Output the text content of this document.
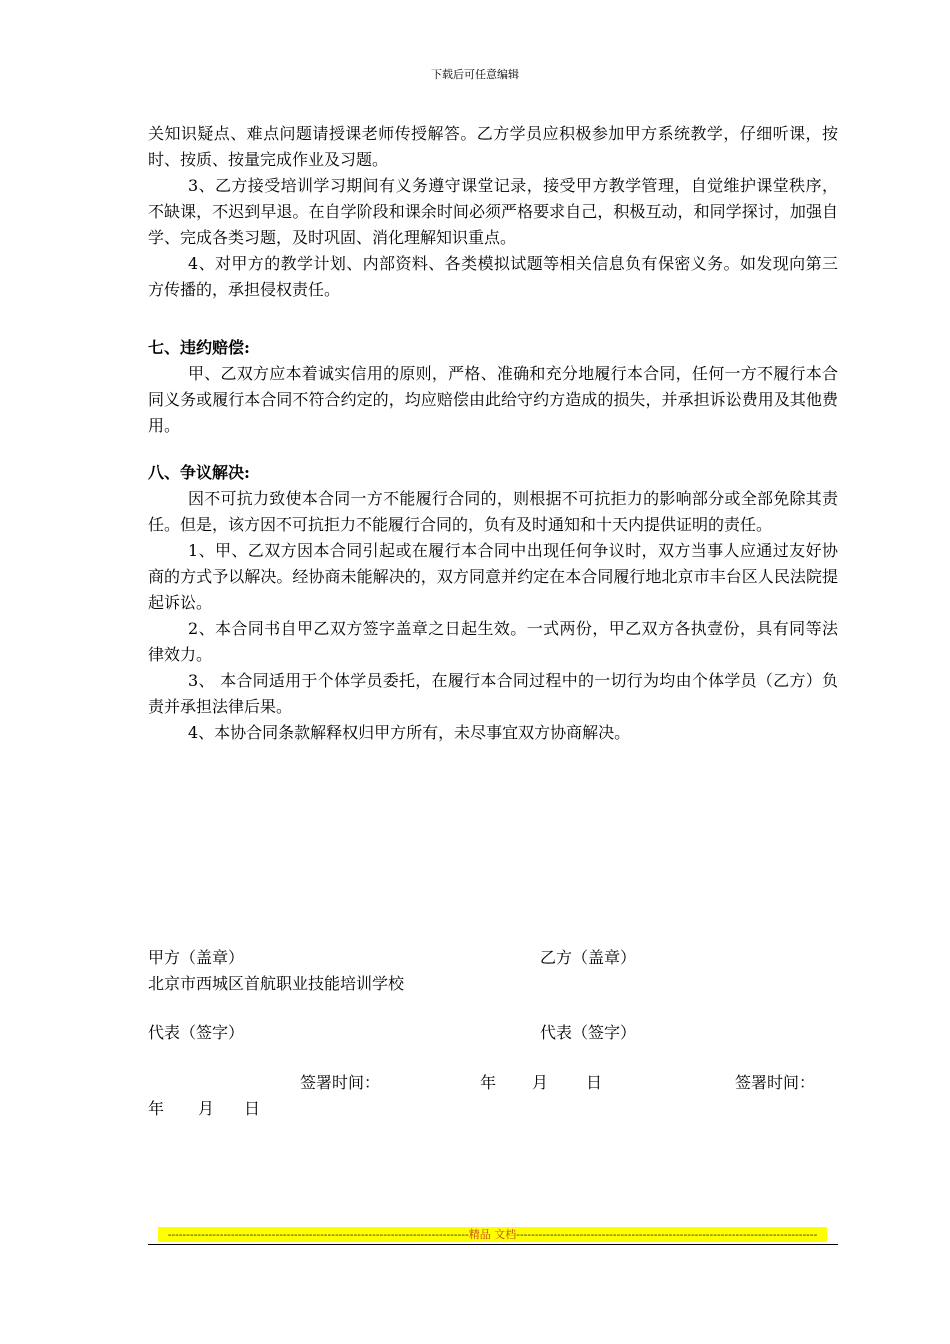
下载后可任意编辑

关知识疑点、难点问题请授课老师传授解答。乙方学员应积极参加甲方系统教学，仔细听课，按时、按质、按量完成作业及习题。

3、乙方接受培训学习期间有义务遵守课堂记录，接受甲方教学管理，自觉维护课堂秩序，不缺课，不迟到早退。在自学阶段和课余时间必须严格要求自己，积极互动，和同学探讨，加强自学、完成各类习题，及时巩固、消化理解知识重点。

4、对甲方的教学计划、内部资料、各类模拟试题等相关信息负有保密义务。如发现向第三方传播的，承担侵权责任。

七、违约赔偿:

甲、乙双方应本着诚实信用的原则，严格、准确和充分地履行本合同，任何一方不履行本合同义务或履行本合同不符合约定的，均应赔偿由此给守约方造成的损失，并承担诉讼费用及其他费用。

八、争议解决:

因不可抗力致使本合同一方不能履行合同的，则根据不可抗拒力的影响部分或全部免除其责任。但是，该方因不可抗拒力不能履行合同的，负有及时通知和十天内提供证明的责任。

1、甲、乙双方因本合同引起或在履行本合同中出现任何争议时，双方当事人应通过友好协商的方式予以解决。经协商未能解决的，双方同意并约定在本合同履行地北京市丰台区人民法院提起诉讼。

2、本合同书自甲乙双方签字盖章之日起生效。一式两份，甲乙双方各执壹份，具有同等法律效力。

3、 本合同适用于个体学员委托，在履行本合同过程中的一切行为均由个体学员（乙方）负责并承担法律后果。

4、本协合同条款解释权归甲方所有，未尽事宜双方协商解决。

甲方（盖章）	乙方（盖章）
北京市西城区首航职业技能培训学校
代表（签字）	代表（签字）
签署时间：	年 月 日	签署时间：
年 月 日
---------------------------------------------------------------------------------精品 文档---------------------------------------------------------------------------------
